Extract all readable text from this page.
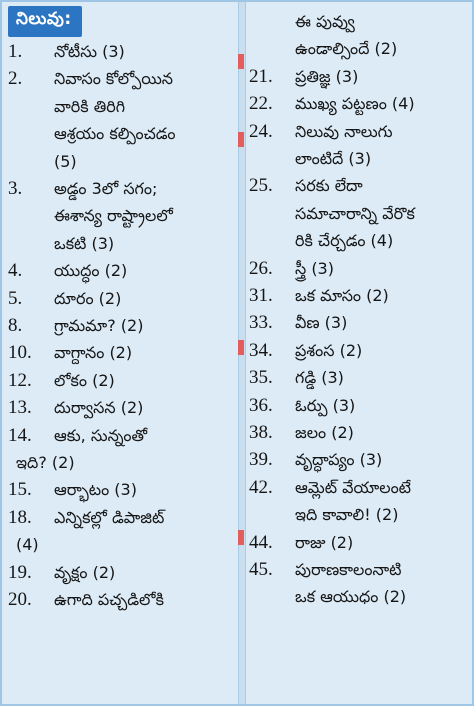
నిలువు:
1.	నోటీసు (3)
2.	నివాసం కోల్పోయిన
వారికి తిరిగి
ఆశ్రయం కల్పించడం
(5)
3.	అడ్డం 3లో సగం;
ఈశాన్య రాష్ట్రాలలో
ఒకటి (3)
4.	యుద్ధం (2)
5.	దూరం (2)
8.	గ్రామమా? (2)
10.	వాగ్దానం (2)
12.	లోకం (2)
13.	దుర్వాసన (2)
14.	ఆకు, సున్నంతో
ఇది? (2)
15.	ఆర్భాటం (3)
18.	ఎన్నికల్లో డిపాజిట్
(4)
19.	వృక్షం (2)
20.	ఉగాది పచ్చడిలోకి
ఈ పువ్వు
ఉండాల్సిందే (2)
21.	ప్రతిజ్ఞ (3)
22.	ముఖ్య పట్టణం (4)
24.	నిలువు నాలుగు
లాంటిదే (3)
25.	సరకు లేదా
సమాచారాన్ని వేరొక
రికి చేర్చడం (4)
26.	స్త్రీ (3)
31.	ఒక మాసం (2)
33.	వీణ (3)
34.	ప్రశంస (2)
35.	గడ్డి (3)
36.	ఓర్పు (3)
38.	జలం (2)
39.	వృద్ధాప్యం (3)
42.	ఆమ్లెట్ వేయాలంటే
ఇది కావాలి! (2)
44.	రాజు (2)
45.	పురాణకాలంనాటి
ఒక ఆయుధం (2)
